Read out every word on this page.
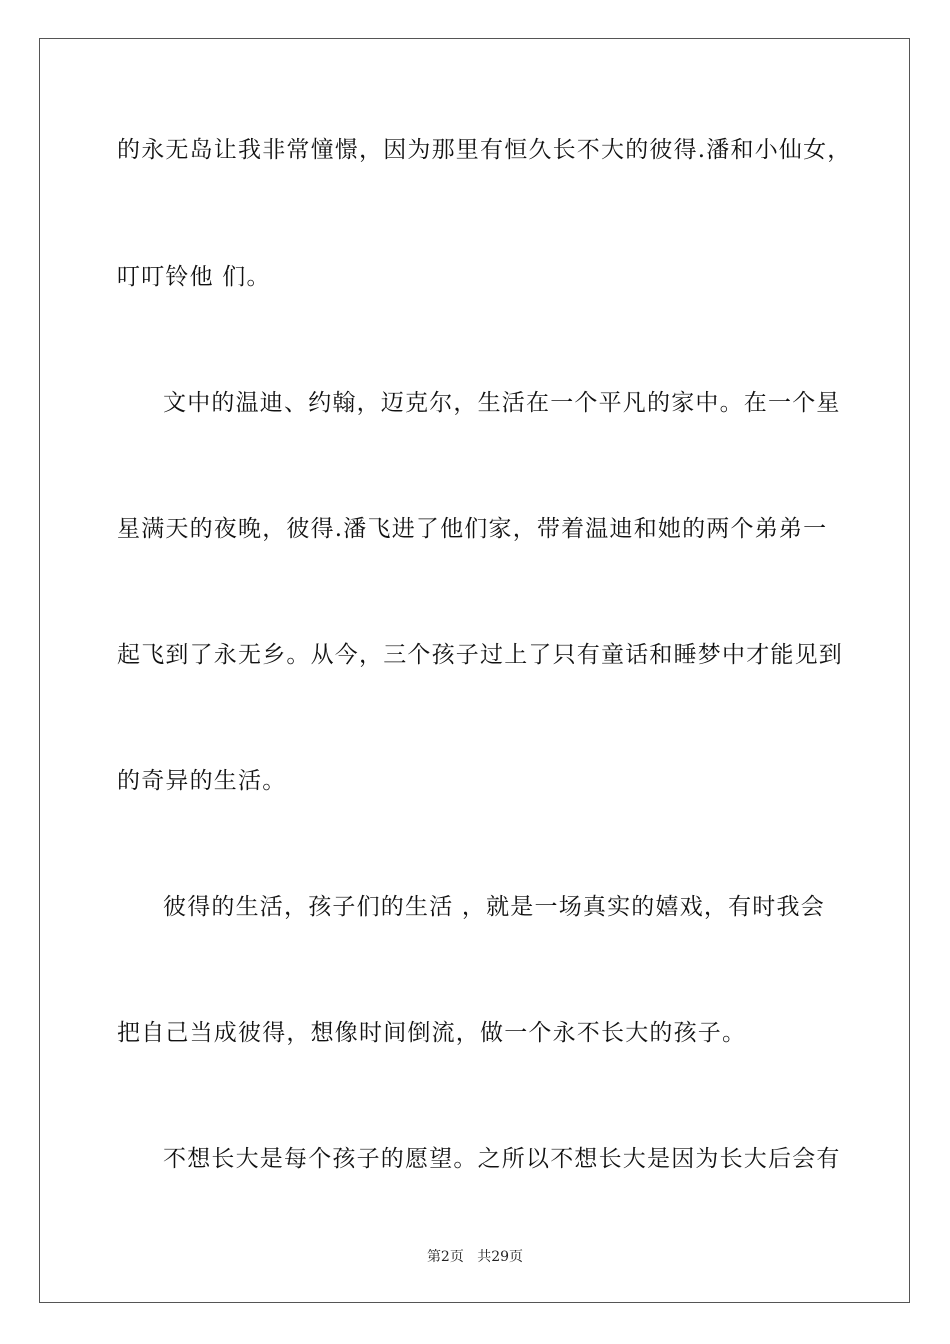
的永无岛让我非常憧憬，因为那里有恒久长不大的彼得.潘和小仙女，
叮叮铃他 们。
文中的温迪、约翰，迈克尔，生活在一个平凡的家中。在一个星
星满天的夜晚，彼得.潘飞进了他们家，带着温迪和她的两个弟弟一
起飞到了永无乡。从今，三个孩子过上了只有童话和睡梦中才能见到
的奇异的生活。
彼得的生活，孩子们的生活 ，就是一场真实的嬉戏，有时我会
把自己当成彼得，想像时间倒流，做一个永不长大的孩子。
不想长大是每个孩子的愿望。之所以不想长大是因为长大后会有
第2页 共29页
